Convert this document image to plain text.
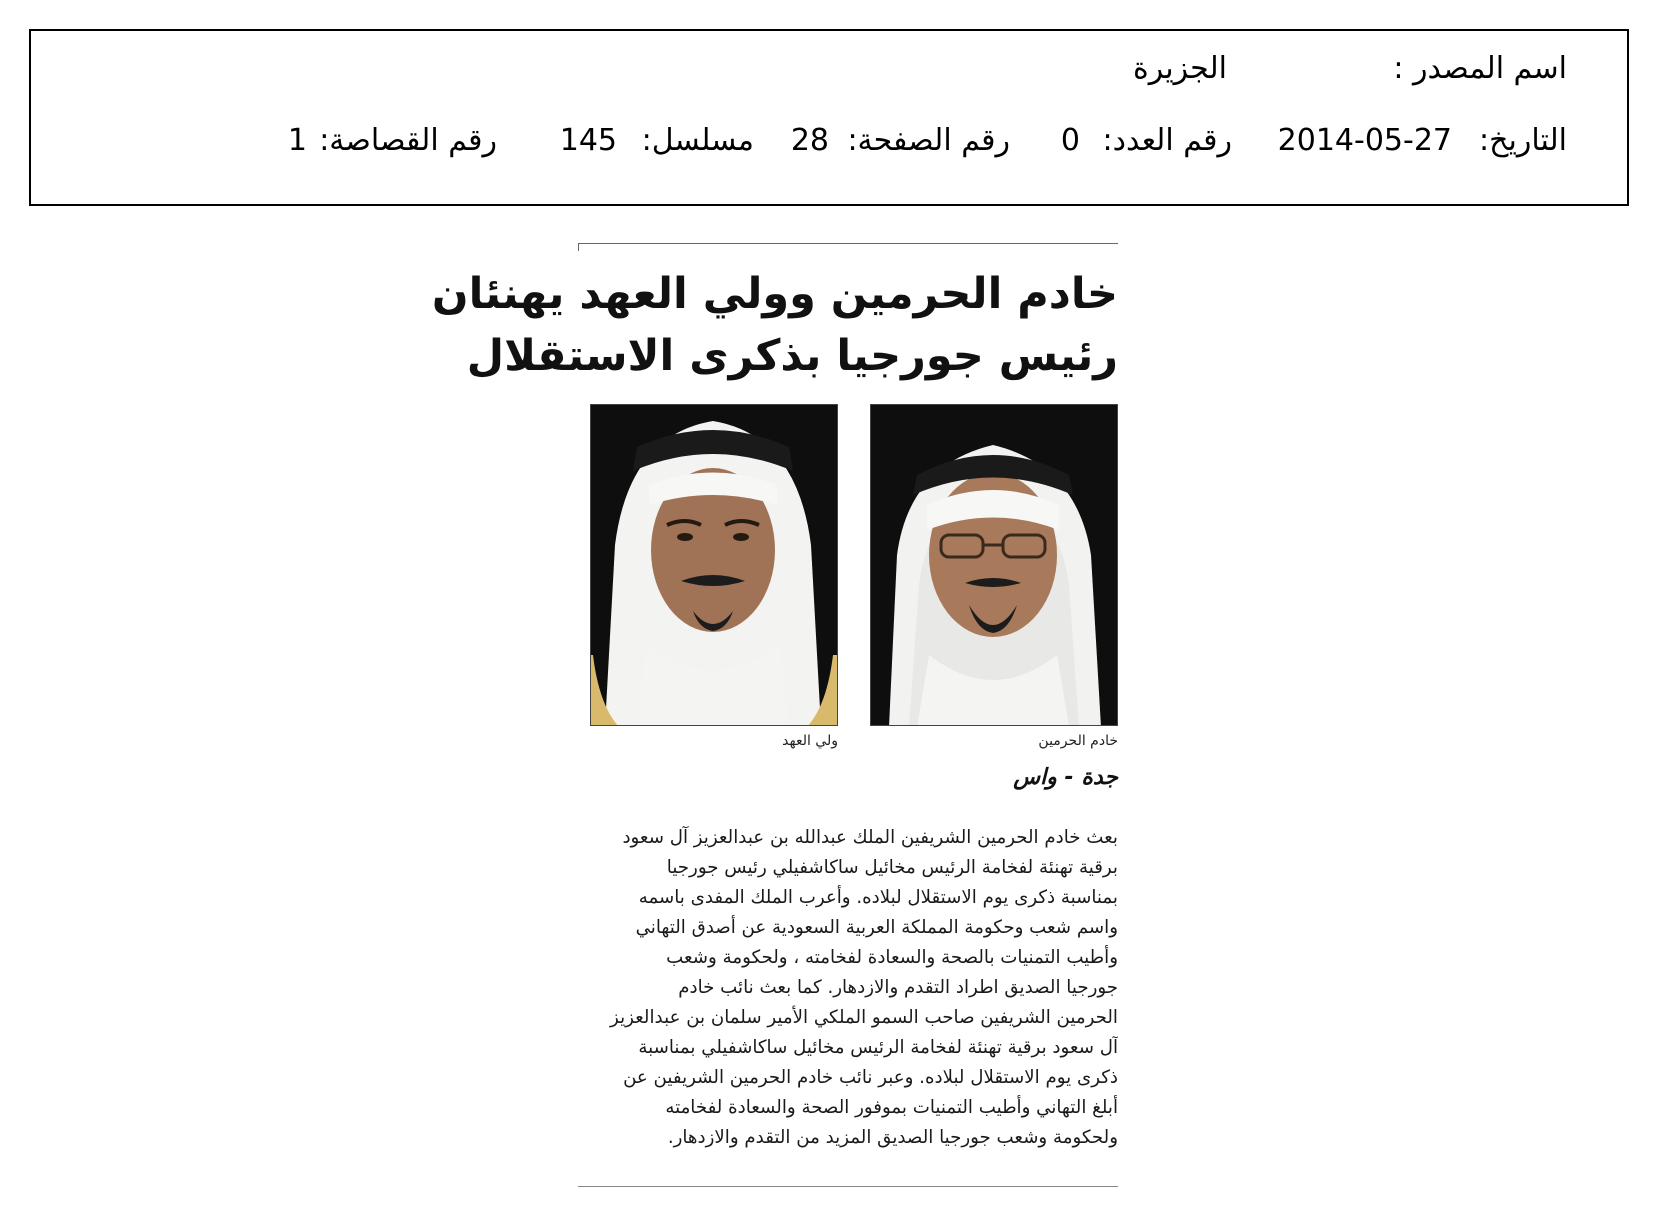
اسم المصدر :
الجزيرة
التاريخ:
2014-05-27
رقم العدد:
0
رقم الصفحة:
28
مسلسل:
145
رقم القصاصة:
1
خادم الحرمين وولي العهد يهنئان
رئيس جورجيا بذكرى الاستقلال
خادم الحرمين
ولي العهد
جدة - واس
بعث خادم الحرمين الشريفين الملك عبدالله بن عبدالعزيز آل سعود
برقية تهنئة لفخامة الرئيس مخائيل ساكاشفيلي رئيس جورجيا
بمناسبة ذكرى يوم الاستقلال لبلاده. وأعرب الملك المفدى باسمه
واسم شعب وحكومة المملكة العربية السعودية عن أصدق التهاني
وأطيب التمنيات بالصحة والسعادة لفخامته ، ولحكومة وشعب
جورجيا الصديق اطراد التقدم والازدهار. كما بعث نائب خادم
الحرمين الشريفين صاحب السمو الملكي الأمير سلمان بن عبدالعزيز
آل سعود برقية تهنئة لفخامة الرئيس مخائيل ساكاشفيلي بمناسبة
ذكرى يوم الاستقلال لبلاده. وعبر نائب خادم الحرمين الشريفين عن
أبلغ التهاني وأطيب التمنيات بموفور الصحة والسعادة لفخامته
ولحكومة وشعب جورجيا الصديق المزيد من التقدم والازدهار.
